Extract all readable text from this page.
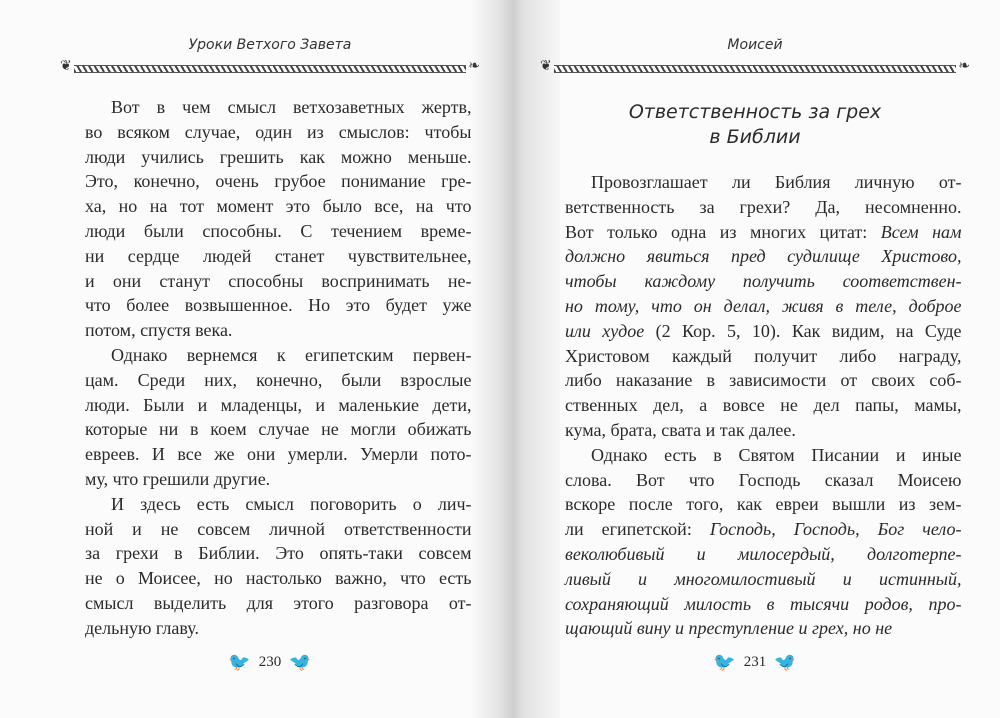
Уроки Ветхого Завета
❦	❧
Вот в чем смысл ветхозаветных жертв,
во всяком случае, один из смыслов: чтобы
люди учились грешить как можно меньше.
Это, конечно, очень грубое понимание гре-
ха, но на тот момент это было все, на что
люди были способны. С течением време-
ни сердце людей станет чувствительнее,
и они станут способны воспринимать не-
что более возвышенное. Но это будет уже
потом, спустя века.
Однако вернемся к египетским первен-
цам. Среди них, конечно, были взрослые
люди. Были и младенцы, и маленькие дети,
которые ни в коем случае не могли обижать
евреев. И все же они умерли. Умерли пото-
му, что грешили другие.
И здесь есть смысл поговорить о лич-
ной и не совсем личной ответственности
за грехи в Библии. Это опять-таки совсем
не о Моисее, но настолько важно, что есть
смысл выделить для этого разговора от-
дельную главу.
🐦 230 🐦
Моисей
❦	❧
Ответственность за грех
в Библии
Провозглашает ли Библия личную от-
ветственность за грехи? Да, несомненно.
Вот только одна из многих цитат: Всем нам
должно явиться пред судилище Христово,
чтобы каждому получить соответствен-
но тому, что он делал, живя в теле, доброе
или худое (2 Кор. 5, 10). Как видим, на Суде
Христовом каждый получит либо награду,
либо наказание в зависимости от своих соб-
ственных дел, а вовсе не дел папы, мамы,
кума, брата, свата и так далее.
Однако есть в Святом Писании и иные
слова. Вот что Господь сказал Моисею
вскоре после того, как евреи вышли из зем-
ли египетской: Господь, Господь, Бог чело-
веколюбивый и милосердый, долготерпе-
ливый и многомилостивый и истинный,
сохраняющий милость в тысячи родов, про-
щающий вину и преступление и грех, но не
🐦 231 🐦
